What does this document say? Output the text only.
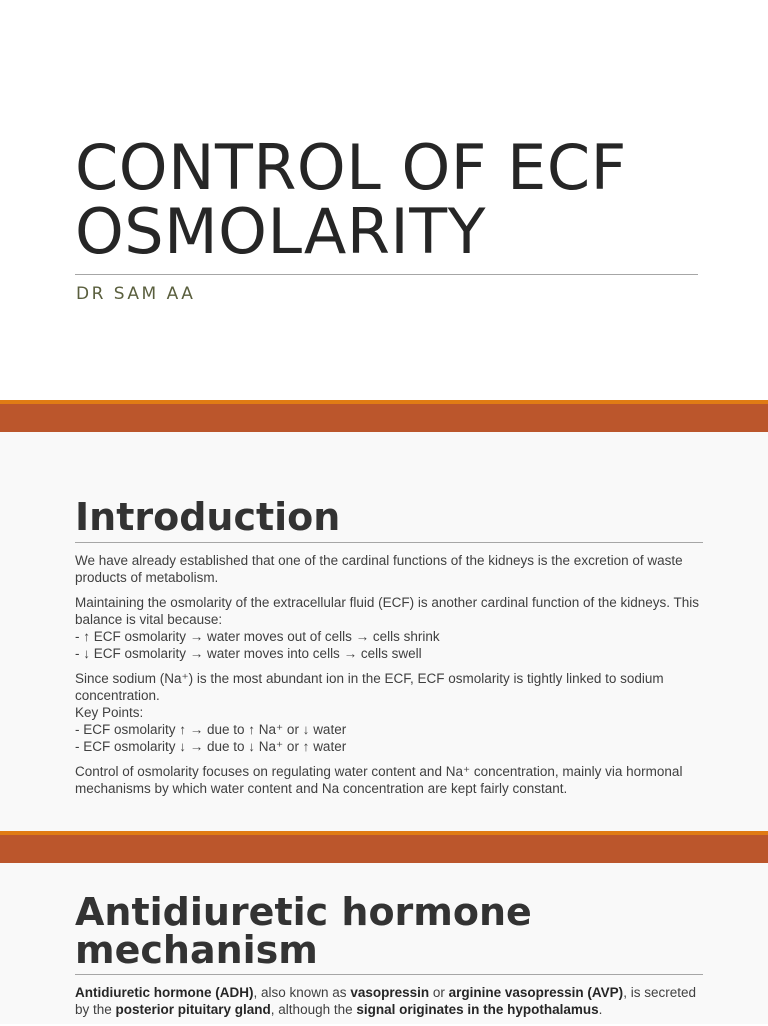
CONTROL OF ECF
OSMOLARITY
DR SAM AA
Introduction

We have already established that one of the cardinal functions of the kidneys is the excretion of waste products of metabolism.

Maintaining the osmolarity of the extracellular fluid (ECF) is another cardinal function of the kidneys. This balance is vital because:
- ↑ ECF osmolarity → water moves out of cells → cells shrink
- ↓ ECF osmolarity → water moves into cells → cells swell

Since sodium (Na⁺) is the most abundant ion in the ECF, ECF osmolarity is tightly linked to sodium concentration.
Key Points:
- ECF osmolarity ↑ → due to ↑ Na⁺ or ↓ water
- ECF osmolarity ↓ → due to ↓ Na⁺ or ↑ water

Control of osmolarity focuses on regulating water content and Na⁺ concentration, mainly via hormonal mechanisms by which water content and Na concentration are kept fairly constant.

Antidiuretic hormone
mechanism

Antidiuretic hormone (ADH), also known as vasopressin or arginine vasopressin (AVP), is secreted by the posterior pituitary gland, although the signal originates in the hypothalamus.
